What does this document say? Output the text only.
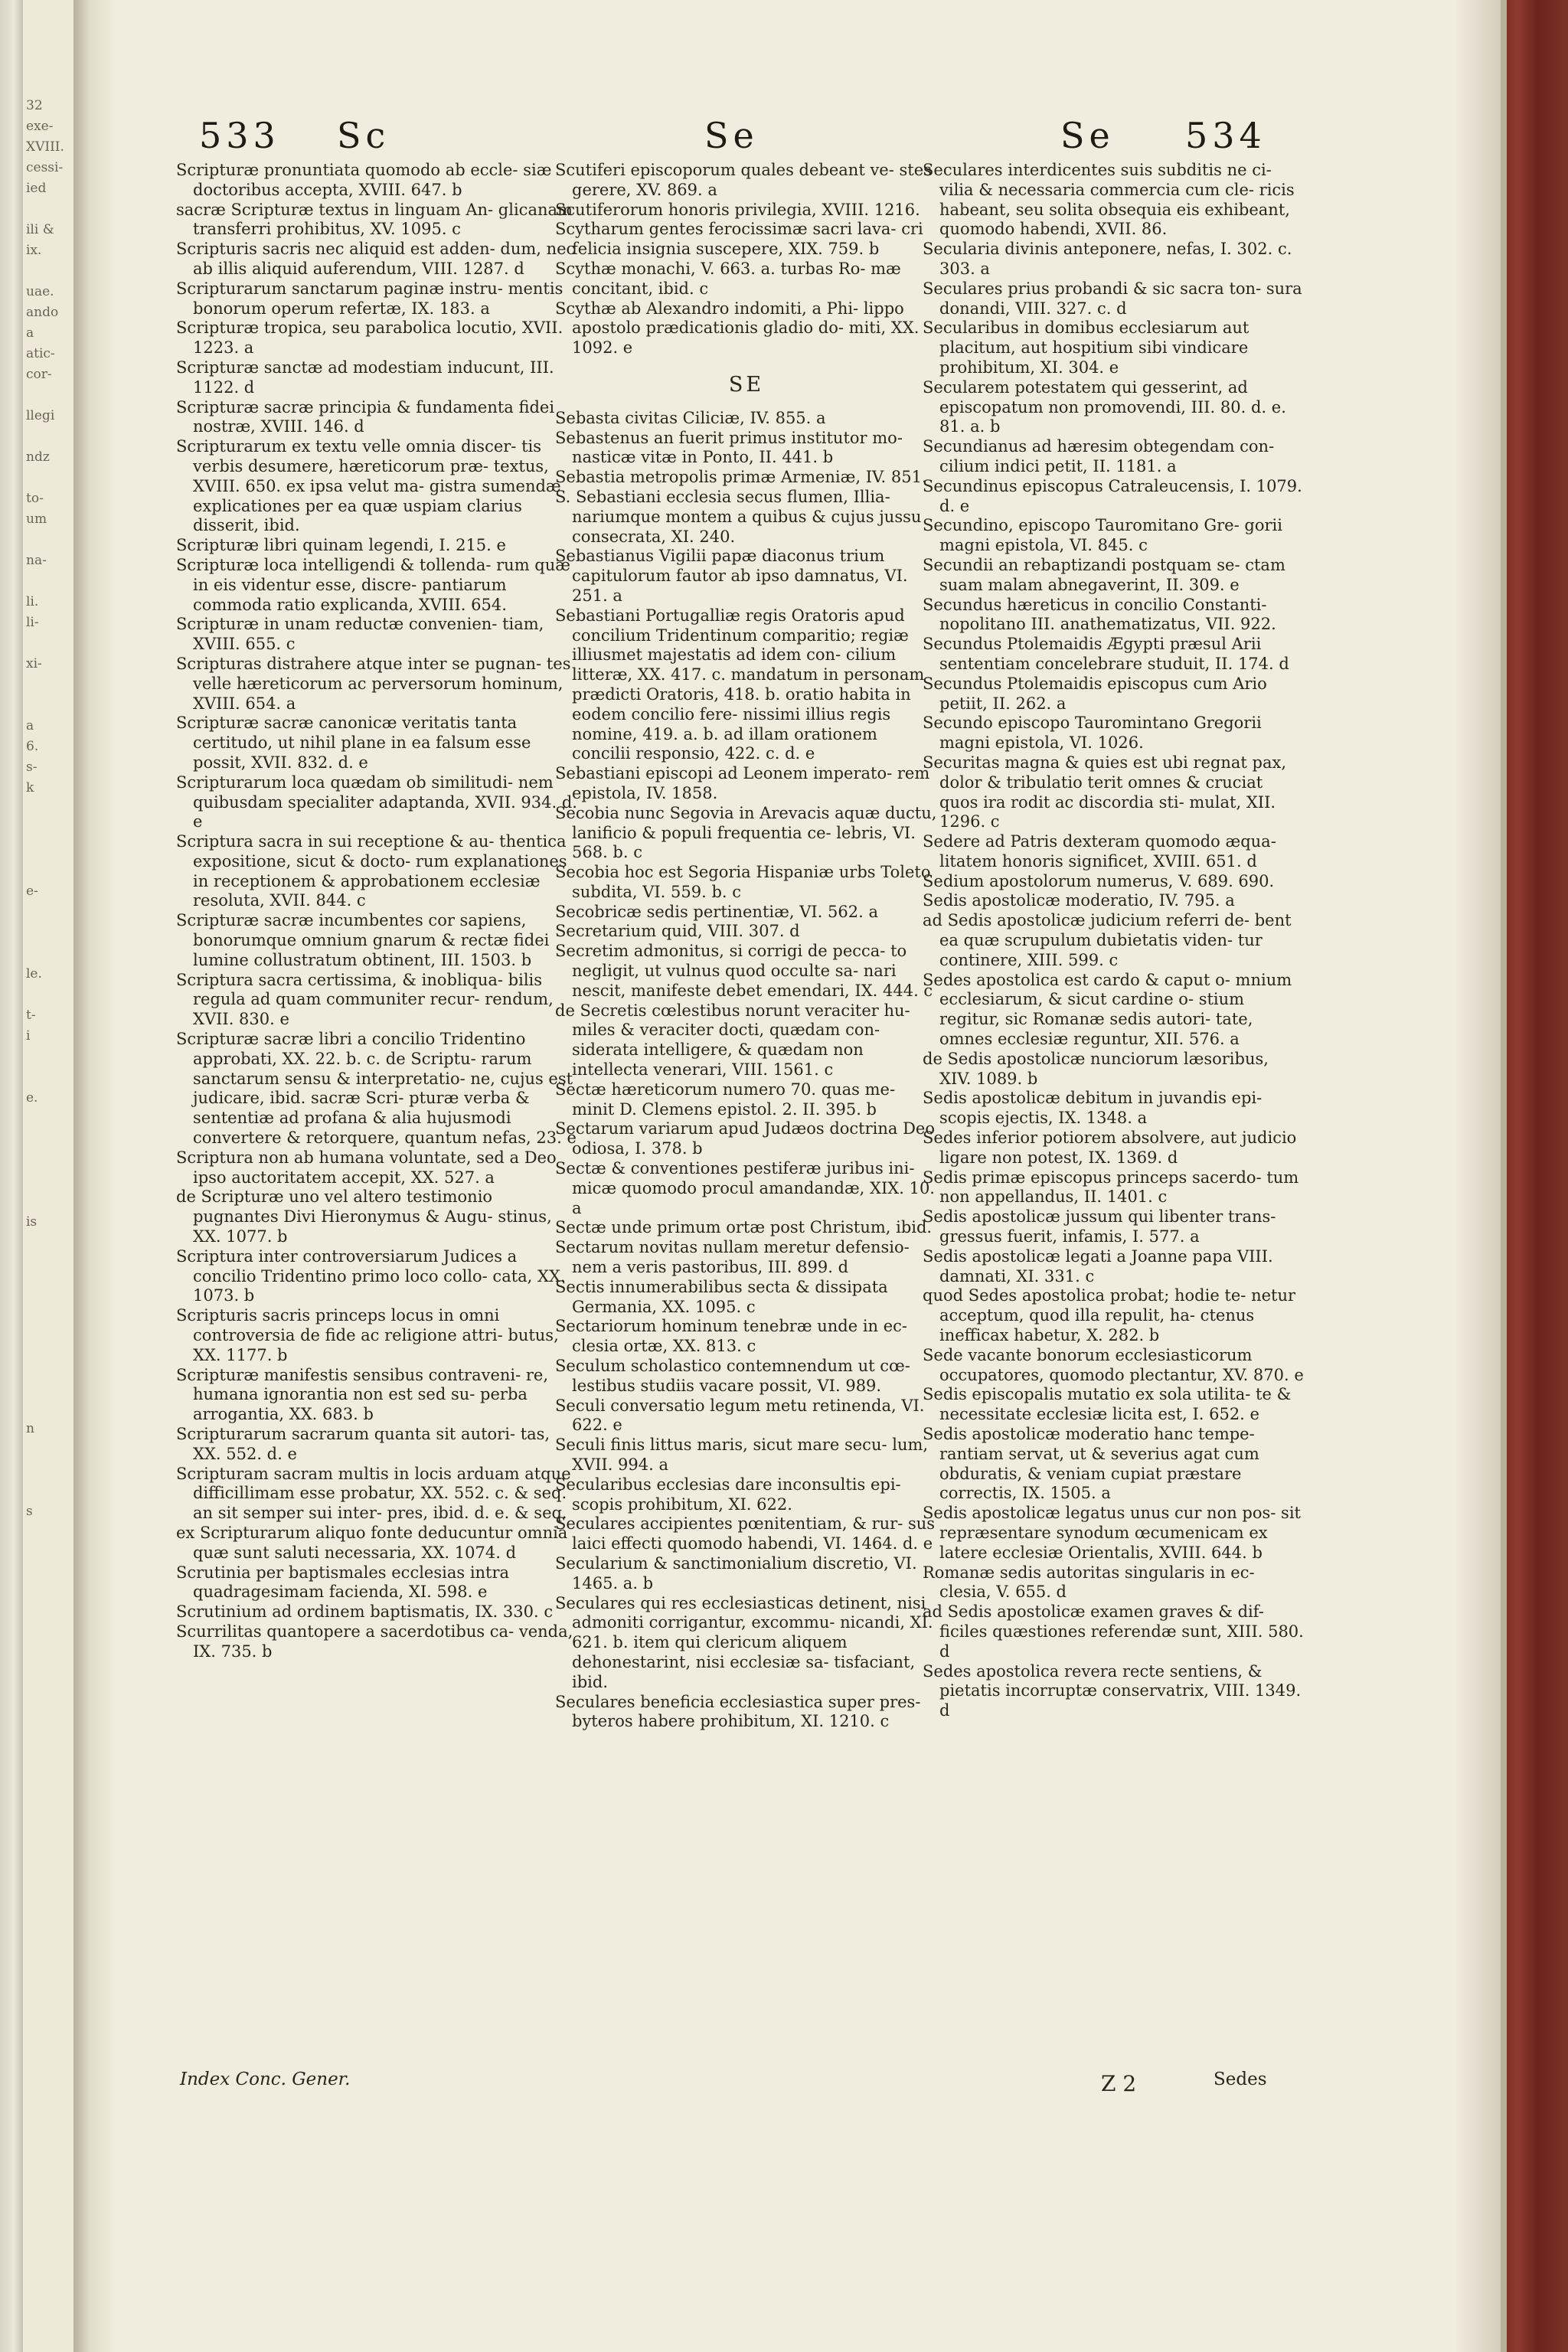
32
exe-
XVIII.
cessi-
ied
ili &
ix.
uae.
ando
a
atic-
cor-
llegi
ndz
to-
um
na-
li.
li-
xi-
a
6.
s-
k
e-
le.
t-
i
e.
is
n
s
533 Sc	Se	Se 534

Scripturæ pronuntiata quomodo ab eccle- siæ doctoribus accepta, XVIII. 647. b

sacræ Scripturæ textus in linguam An- glicanam transferri prohibitus, XV. 1095. c

Scripturis sacris nec aliquid est adden- dum, nec ab illis aliquid auferendum, VIII. 1287. d

Scripturarum sanctarum paginæ instru- mentis bonorum operum refertæ, IX. 183. a

Scripturæ tropica, seu parabolica locutio, XVII. 1223. a

Scripturæ sanctæ ad modestiam inducunt, III. 1122. d

Scripturæ sacræ principia & fundamenta fidei nostræ, XVIII. 146. d

Scripturarum ex textu velle omnia discer- tis verbis desumere, hæreticorum præ- textus, XVIII. 650. ex ipsa velut ma- gistra sumendæ explicationes per ea quæ uspiam clarius disserit, ibid.

Scripturæ libri quinam legendi, I. 215. e

Scripturæ loca intelligendi & tollenda- rum quæ in eis videntur esse, discre- pantiarum commoda ratio explicanda, XVIII. 654.

Scripturæ in unam reductæ convenien- tiam, XVIII. 655. c

Scripturas distrahere atque inter se pugnan- tes velle hæreticorum ac perversorum hominum, XVIII. 654. a

Scripturæ sacræ canonicæ veritatis tanta certitudo, ut nihil plane in ea falsum esse possit, XVII. 832. d. e

Scripturarum loca quædam ob similitudi- nem quibusdam specialiter adaptanda, XVII. 934. d. e

Scriptura sacra in sui receptione & au- thentica expositione, sicut & docto- rum explanationes in receptionem & approbationem ecclesiæ resoluta, XVII. 844. c

Scripturæ sacræ incumbentes cor sapiens, bonorumque omnium gnarum & rectæ fidei lumine collustratum obtinent, III. 1503. b

Scriptura sacra certissima, & inobliqua- bilis regula ad quam communiter recur- rendum, XVII. 830. e

Scripturæ sacræ libri a concilio Tridentino approbati, XX. 22. b. c. de Scriptu- rarum sanctarum sensu & interpretatio- ne, cujus est judicare, ibid. sacræ Scri- pturæ verba & sententiæ ad profana & alia hujusmodi convertere & retorquere, quantum nefas, 23. e

Scriptura non ab humana voluntate, sed a Deo ipso auctoritatem accepit, XX. 527. a

de Scripturæ uno vel altero testimonio pugnantes Divi Hieronymus & Augu- stinus, XX. 1077. b

Scriptura inter controversiarum Judices a concilio Tridentino primo loco collo- cata, XX. 1073. b

Scripturis sacris princeps locus in omni controversia de fide ac religione attri- butus, XX. 1177. b

Scripturæ manifestis sensibus contraveni- re, humana ignorantia non est sed su- perba arrogantia, XX. 683. b

Scripturarum sacrarum quanta sit autori- tas, XX. 552. d. e

Scripturam sacram multis in locis arduam atque difficillimam esse probatur, XX. 552. c. & seq. an sit semper sui inter- pres, ibid. d. e. & seq.

ex Scripturarum aliquo fonte deducuntur omnia quæ sunt saluti necessaria, XX. 1074. d

Scrutinia per baptismales ecclesias intra quadragesimam facienda, XI. 598. e

Scrutinium ad ordinem baptismatis, IX. 330. c

Scurrilitas quantopere a sacerdotibus ca- venda, IX. 735. b

Scutiferi episcoporum quales debeant ve- stes gerere, XV. 869. a

Scutiferorum honoris privilegia, XVIII. 1216.

Scytharum gentes ferocissimæ sacri lava- cri felicia insignia suscepere, XIX. 759. b

Scythæ monachi, V. 663. a. turbas Ro- mæ concitant, ibid. c

Scythæ ab Alexandro indomiti, a Phi- lippo apostolo prædicationis gladio do- miti, XX. 1092. e

SE

Sebasta civitas Ciliciæ, IV. 855. a

Sebastenus an fuerit primus institutor mo- nasticæ vitæ in Ponto, II. 441. b

Sebastia metropolis primæ Armeniæ, IV. 851.

S. Sebastiani ecclesia secus flumen, Illia- nariumque montem a quibus & cujus jussu consecrata, XI. 240.

Sebastianus Vigilii papæ diaconus trium capitulorum fautor ab ipso damnatus, VI. 251. a

Sebastiani Portugalliæ regis Oratoris apud concilium Tridentinum comparitio; regiæ illiusmet majestatis ad idem con- cilium litteræ, XX. 417. c. mandatum in personam prædicti Oratoris, 418. b. oratio habita in eodem concilio fere- nissimi illius regis nomine, 419. a. b. ad illam orationem concilii responsio, 422. c. d. e

Sebastiani episcopi ad Leonem imperato- rem epistola, IV. 1858.

Secobia nunc Segovia in Arevacis aquæ ductu, lanificio & populi frequentia ce- lebris, VI. 568. b. c

Secobia hoc est Segoria Hispaniæ urbs Toleto subdita, VI. 559. b. c

Secobricæ sedis pertinentiæ, VI. 562. a

Secretarium quid, VIII. 307. d

Secretim admonitus, si corrigi de pecca- to negligit, ut vulnus quod occulte sa- nari nescit, manifeste debet emendari, IX. 444. c

de Secretis cœlestibus norunt veraciter hu- miles & veraciter docti, quædam con- siderata intelligere, & quædam non intellecta venerari, VIII. 1561. c

Sectæ hæreticorum numero 70. quas me- minit D. Clemens epistol. 2. II. 395. b

Sectarum variarum apud Judæos doctrina Deo odiosa, I. 378. b

Sectæ & conventiones pestiferæ juribus ini- micæ quomodo procul amandandæ, XIX. 10. a

Sectæ unde primum ortæ post Christum, ibid.

Sectarum novitas nullam meretur defensio- nem a veris pastoribus, III. 899. d

Sectis innumerabilibus secta & dissipata Germania, XX. 1095. c

Sectariorum hominum tenebræ unde in ec- clesia ortæ, XX. 813. c

Seculum scholastico contemnendum ut cœ- lestibus studiis vacare possit, VI. 989.

Seculi conversatio legum metu retinenda, VI. 622. e

Seculi finis littus maris, sicut mare secu- lum, XVII. 994. a

Secularibus ecclesias dare inconsultis epi- scopis prohibitum, XI. 622.

Seculares accipientes pœnitentiam, & rur- sus laici effecti quomodo habendi, VI. 1464. d. e

Secularium & sanctimonialium discretio, VI. 1465. a. b

Seculares qui res ecclesiasticas detinent, nisi admoniti corrigantur, excommu- nicandi, XI. 621. b. item qui clericum aliquem dehonestarint, nisi ecclesiæ sa- tisfaciant, ibid.

Seculares beneficia ecclesiastica super pres- byteros habere prohibitum, XI. 1210. c

Seculares interdicentes suis subditis ne ci- vilia & necessaria commercia cum cle- ricis habeant, seu solita obsequia eis exhibeant, quomodo habendi, XVII. 86.

Secularia divinis anteponere, nefas, I. 302. c. 303. a

Seculares prius probandi & sic sacra ton- sura donandi, VIII. 327. c. d

Secularibus in domibus ecclesiarum aut placitum, aut hospitium sibi vindicare prohibitum, XI. 304. e

Secularem potestatem qui gesserint, ad episcopatum non promovendi, III. 80. d. e. 81. a. b

Secundianus ad hæresim obtegendam con- cilium indici petit, II. 1181. a

Secundinus episcopus Catraleucensis, I. 1079. d. e

Secundino, episcopo Tauromitano Gre- gorii magni epistola, VI. 845. c

Secundii an rebaptizandi postquam se- ctam suam malam abnegaverint, II. 309. e

Secundus hæreticus in concilio Constanti- nopolitano III. anathematizatus, VII. 922.

Secundus Ptolemaidis Ægypti præsul Arii sententiam concelebrare studuit, II. 174. d

Secundus Ptolemaidis episcopus cum Ario petiit, II. 262. a

Secundo episcopo Tauromintano Gregorii magni epistola, VI. 1026.

Securitas magna & quies est ubi regnat pax, dolor & tribulatio terit omnes & cruciat quos ira rodit ac discordia sti- mulat, XII. 1296. c

Sedere ad Patris dexteram quomodo æqua- litatem honoris significet, XVIII. 651. d

Sedium apostolorum numerus, V. 689. 690.

Sedis apostolicæ moderatio, IV. 795. a

ad Sedis apostolicæ judicium referri de- bent ea quæ scrupulum dubietatis viden- tur continere, XIII. 599. c

Sedes apostolica est cardo & caput o- mnium ecclesiarum, & sicut cardine o- stium regitur, sic Romanæ sedis autori- tate, omnes ecclesiæ reguntur, XII. 576. a

de Sedis apostolicæ nunciorum læsoribus, XIV. 1089. b

Sedis apostolicæ debitum in juvandis epi- scopis ejectis, IX. 1348. a

Sedes inferior potiorem absolvere, aut judicio ligare non potest, IX. 1369. d

Sedis primæ episcopus princeps sacerdo- tum non appellandus, II. 1401. c

Sedis apostolicæ jussum qui libenter trans- gressus fuerit, infamis, I. 577. a

Sedis apostolicæ legati a Joanne papa VIII. damnati, XI. 331. c

quod Sedes apostolica probat; hodie te- netur acceptum, quod illa repulit, ha- ctenus inefficax habetur, X. 282. b

Sede vacante bonorum ecclesiasticorum occupatores, quomodo plectantur, XV. 870. e

Sedis episcopalis mutatio ex sola utilita- te & necessitate ecclesiæ licita est, I. 652. e

Sedis apostolicæ moderatio hanc tempe- rantiam servat, ut & severius agat cum obduratis, & veniam cupiat præstare correctis, IX. 1505. a

Sedis apostolicæ legatus unus cur non pos- sit repræsentare synodum œcumenicam ex latere ecclesiæ Orientalis, XVIII. 644. b

Romanæ sedis autoritas singularis in ec- clesia, V. 655. d

ad Sedis apostolicæ examen graves & dif- ficiles quæstiones referendæ sunt, XIII. 580. d

Sedes apostolica revera recte sentiens, & pietatis incorruptæ conservatrix, VIII. 1349. d

Index Conc. Gener.	Z 2	Sedes
